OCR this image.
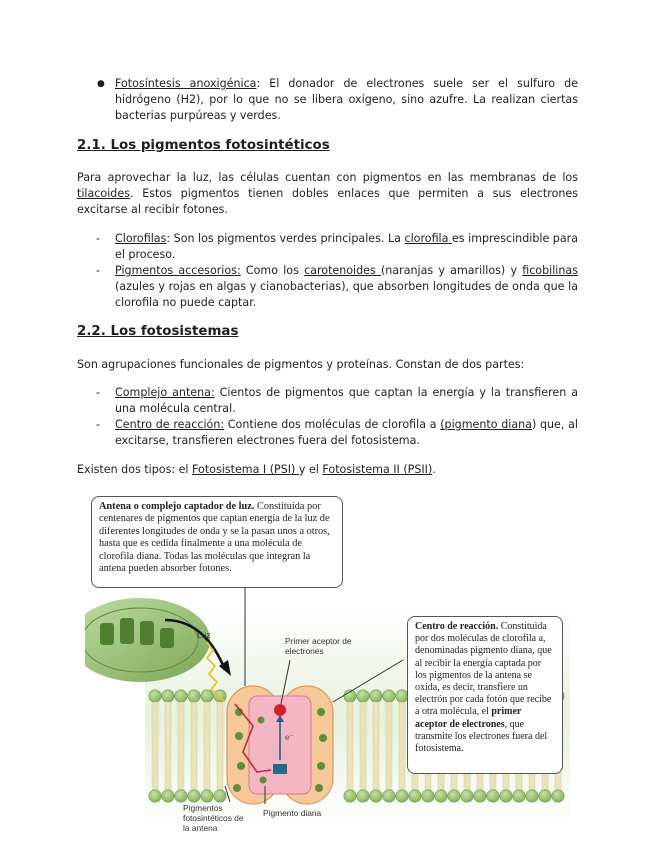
● Fotosíntesis anoxigénica: El donador de electrones suele ser el sulfuro de hidrógeno (H2), por lo que no se libera oxígeno, sino azufre. La realizan ciertas bacterias purpúreas y verdes.
2.1. Los pigmentos fotosintéticos
Para aprovechar la luz, las células cuentan con pigmentos en las membranas de los tilacoides. Estos pigmentos tienen dobles enlaces que permiten a sus electrones excitarse al recibir fotones.
- Clorofilas: Son los pigmentos verdes principales. La clorofila es imprescindible para el proceso.
- Pigmentos accesorios: Como los carotenoides (naranjas y amarillos) y ficobilinas (azules y rojas en algas y cianobacterias), que absorben longitudes de onda que la clorofila no puede captar.
2.2. Los fotosistemas
Son agrupaciones funcionales de pigmentos y proteínas. Constan de dos partes:
- Complejo antena: Cientos de pigmentos que captan la energía y la transfieren a una molécula central.
- Centro de reacción: Contiene dos moléculas de clorofila a (pigmento diana) que, al excitarse, transfieren electrones fuera del fotosistema.
Existen dos tipos: el Fotosistema I (PSI) y el Fotosistema II (PSII).
Antena o complejo captador de luz. Constituida por centenares de pigmentos que captan energía de la luz de diferentes longitudes de onda y se la pasan unos a otros, hasta que es cedida finalmente a una molécula de clorofila diana. Todas las moléculas que integran la antena pueden absorber fotones.
Centro de reacción. Constituida por dos moléculas de clorofila a, denominadas pigmento diana, que al recibir la energía captada por los pigmentos de la antena se oxida, es decir, transfiere un electrón por cada fotón que recibe a otra molécula, el primer aceptor de electrones, que transmite los electrones fuera del fotosistema.
Luz
Primer aceptor de electrones
e⁻
Pigmentos fotosintéticos de la antena
Pigmento diana
